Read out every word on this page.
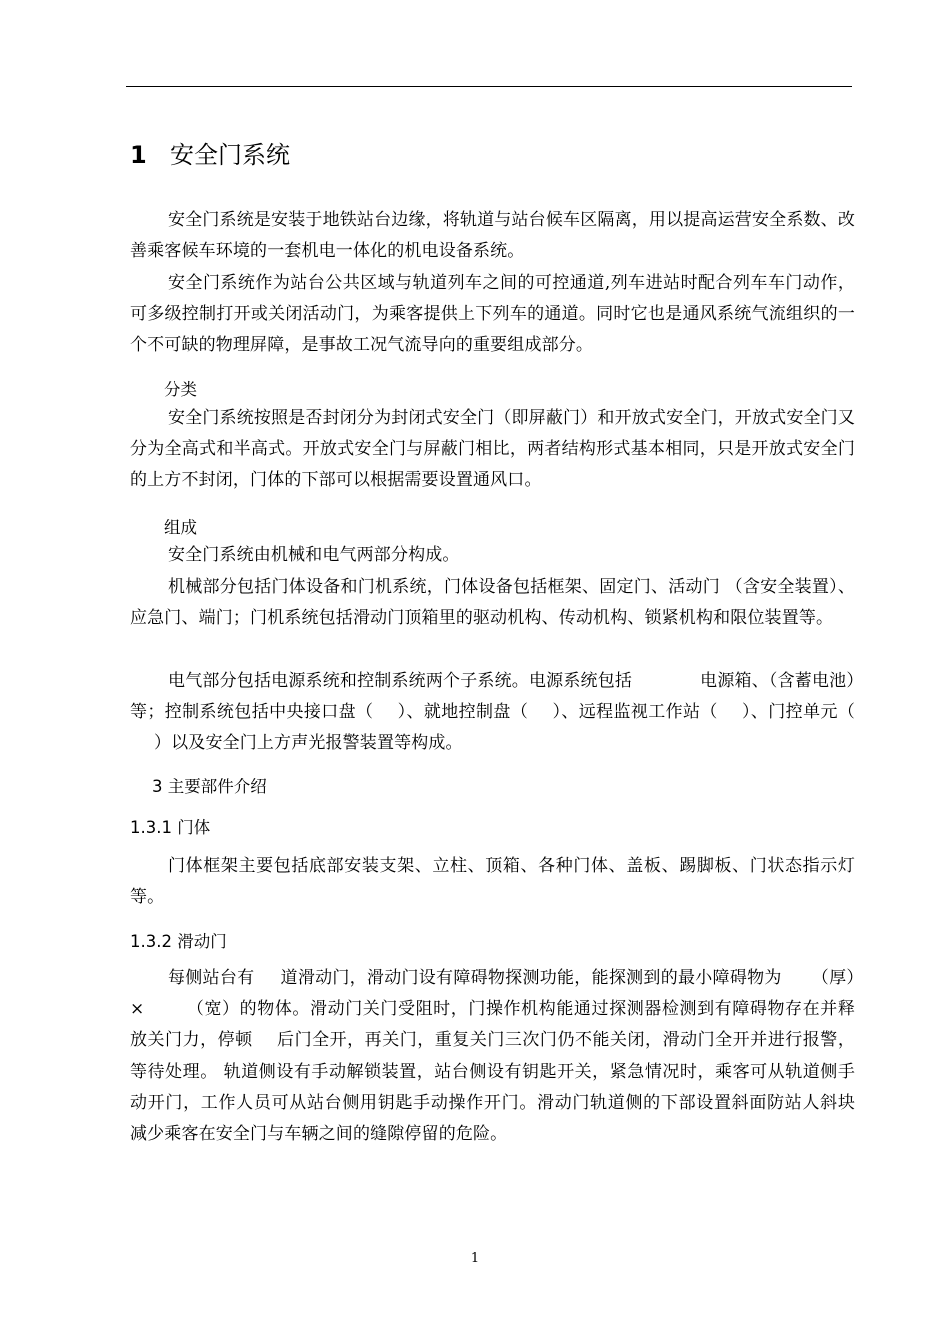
1 安全门系统

安全门系统是安装于地铁站台边缘，将轨道与站台候车区隔离，用以提高运营安全系数、改善乘客候车环境的一套机电一体化的机电设备系统。

安全门系统作为站台公共区域与轨道列车之间的可控通道,列车进站时配合列车车门动作，可多级控制打开或关闭活动门，为乘客提供上下列车的通道。同时它也是通风系统气流组织的一个不可缺的物理屏障，是事故工况气流导向的重要组成部分。

分类

安全门系统按照是否封闭分为封闭式安全门（即屏蔽门）和开放式安全门，开放式安全门又分为全高式和半高式。开放式安全门与屏蔽门相比，两者结构形式基本相同，只是开放式安全门的上方不封闭，门体的下部可以根据需要设置通风口。

组成

安全门系统由机械和电气两部分构成。

机械部分包括门体设备和门机系统，门体设备包括框架、固定门、活动门 （含安全装置）、应急门、端门；门机系统包括滑动门顶箱里的驱动机构、传动机构、锁紧机构和限位装置等。

电气部分包括电源系统和控制系统两个子系统。电源系统包括	电源箱、（含蓄电池）等；控制系统包括中央接口盘（ ）、就地控制盘（ ）、远程监视工作站（ ）、门控单元（）以及安全门上方声光报警装置等构成。

3 主要部件介绍
1.3.1 门体

门体框架主要包括底部安装支架、立柱、顶箱、各种门体、盖板、踢脚板、门状态指示灯等。

1.3.2 滑动门

每侧站台有 道滑动门，滑动门设有障碍物探测功能，能探测到的最小障碍物为 （厚）× （宽）的物体。滑动门关门受阻时，门操作机构能通过探测器检测到有障碍物存在并释放关门力，停顿 后门全开，再关门，重复关门三次门仍不能关闭，滑动门全开并进行报警，等待处理。 轨道侧设有手动解锁装置，站台侧设有钥匙开关，紧急情况时，乘客可从轨道侧手动开门，工作人员可从站台侧用钥匙手动操作开门。滑动门轨道侧的下部设置斜面防站人斜块 减少乘客在安全门与车辆之间的缝隙停留的危险。

1
